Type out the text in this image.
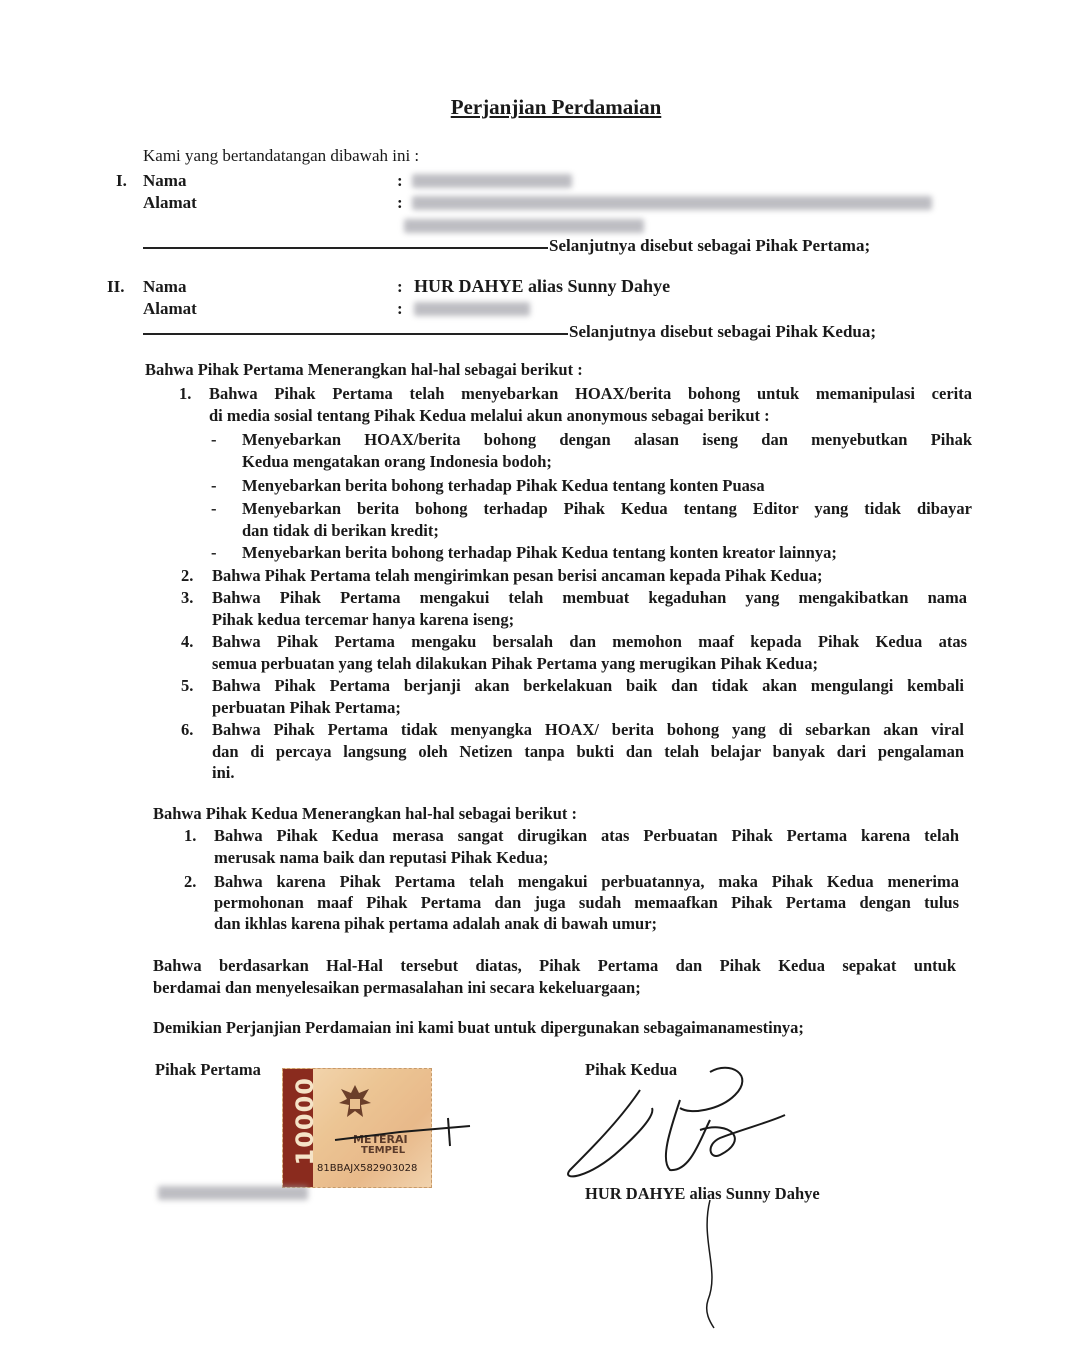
Perjanjian Perdamaian
Kami yang bertandatangan dibawah ini :
I. Nama
Alamat
:
:
Selanjutnya disebut sebagai Pihak Pertama;
II. Nama
Alamat
:
:
HUR DAHYE alias Sunny Dahye
Selanjutnya disebut sebagai Pihak Kedua;
Bahwa Pihak Pertama Menerangkan hal-hal sebagai berikut :
1. Bahwa Pihak Pertama telah menyebarkan HOAX/berita bohong untuk memanipulasi cerita
di media sosial tentang Pihak Kedua melalui akun anonymous sebagai berikut :
- Menyebarkan HOAX/berita bohong dengan alasan iseng dan menyebutkan Pihak
Kedua mengatakan orang Indonesia bodoh;
- Menyebarkan berita bohong terhadap Pihak Kedua tentang konten Puasa
- Menyebarkan berita bohong terhadap Pihak Kedua tentang Editor yang tidak dibayar
dan tidak di berikan kredit;
- Menyebarkan berita bohong terhadap Pihak Kedua tentang konten kreator lainnya;
2. Bahwa Pihak Pertama telah mengirimkan pesan berisi ancaman kepada Pihak Kedua;
3. Bahwa Pihak Pertama mengakui telah membuat kegaduhan yang mengakibatkan nama
Pihak kedua tercemar hanya karena iseng;
4. Bahwa Pihak Pertama mengaku bersalah dan memohon maaf kepada Pihak Kedua atas
semua perbuatan yang telah dilakukan Pihak Pertama yang merugikan Pihak Kedua;
5. Bahwa Pihak Pertama berjanji akan berkelakuan baik dan tidak akan mengulangi kembali
perbuatan Pihak Pertama;
6. Bahwa Pihak Pertama tidak menyangka HOAX/ berita bohong yang di sebarkan akan viral
dan di percaya langsung oleh Netizen tanpa bukti dan telah belajar banyak dari pengalaman
ini.
Bahwa Pihak Kedua Menerangkan hal-hal sebagai berikut :
1. Bahwa Pihak Kedua merasa sangat dirugikan atas Perbuatan Pihak Pertama karena telah
merusak nama baik dan reputasi Pihak Kedua;
2. Bahwa karena Pihak Pertama telah mengakui perbuatannya, maka Pihak Kedua menerima
permohonan maaf Pihak Pertama dan juga sudah memaafkan Pihak Pertama dengan tulus
dan ikhlas karena pihak pertama adalah anak di bawah umur;
Bahwa berdasarkan Hal-Hal tersebut diatas, Pihak Pertama dan Pihak Kedua sepakat untuk
berdamai dan menyelesaikan permasalahan ini secara kekeluargaan;
Demikian Perjanjian Perdamaian ini kami buat untuk dipergunakan sebagaimanamestinya;
Pihak Pertama	Pihak Kedua
10000	METERAI
TEMPEL
81BBAJX582903028
HUR DAHYE alias Sunny Dahye
